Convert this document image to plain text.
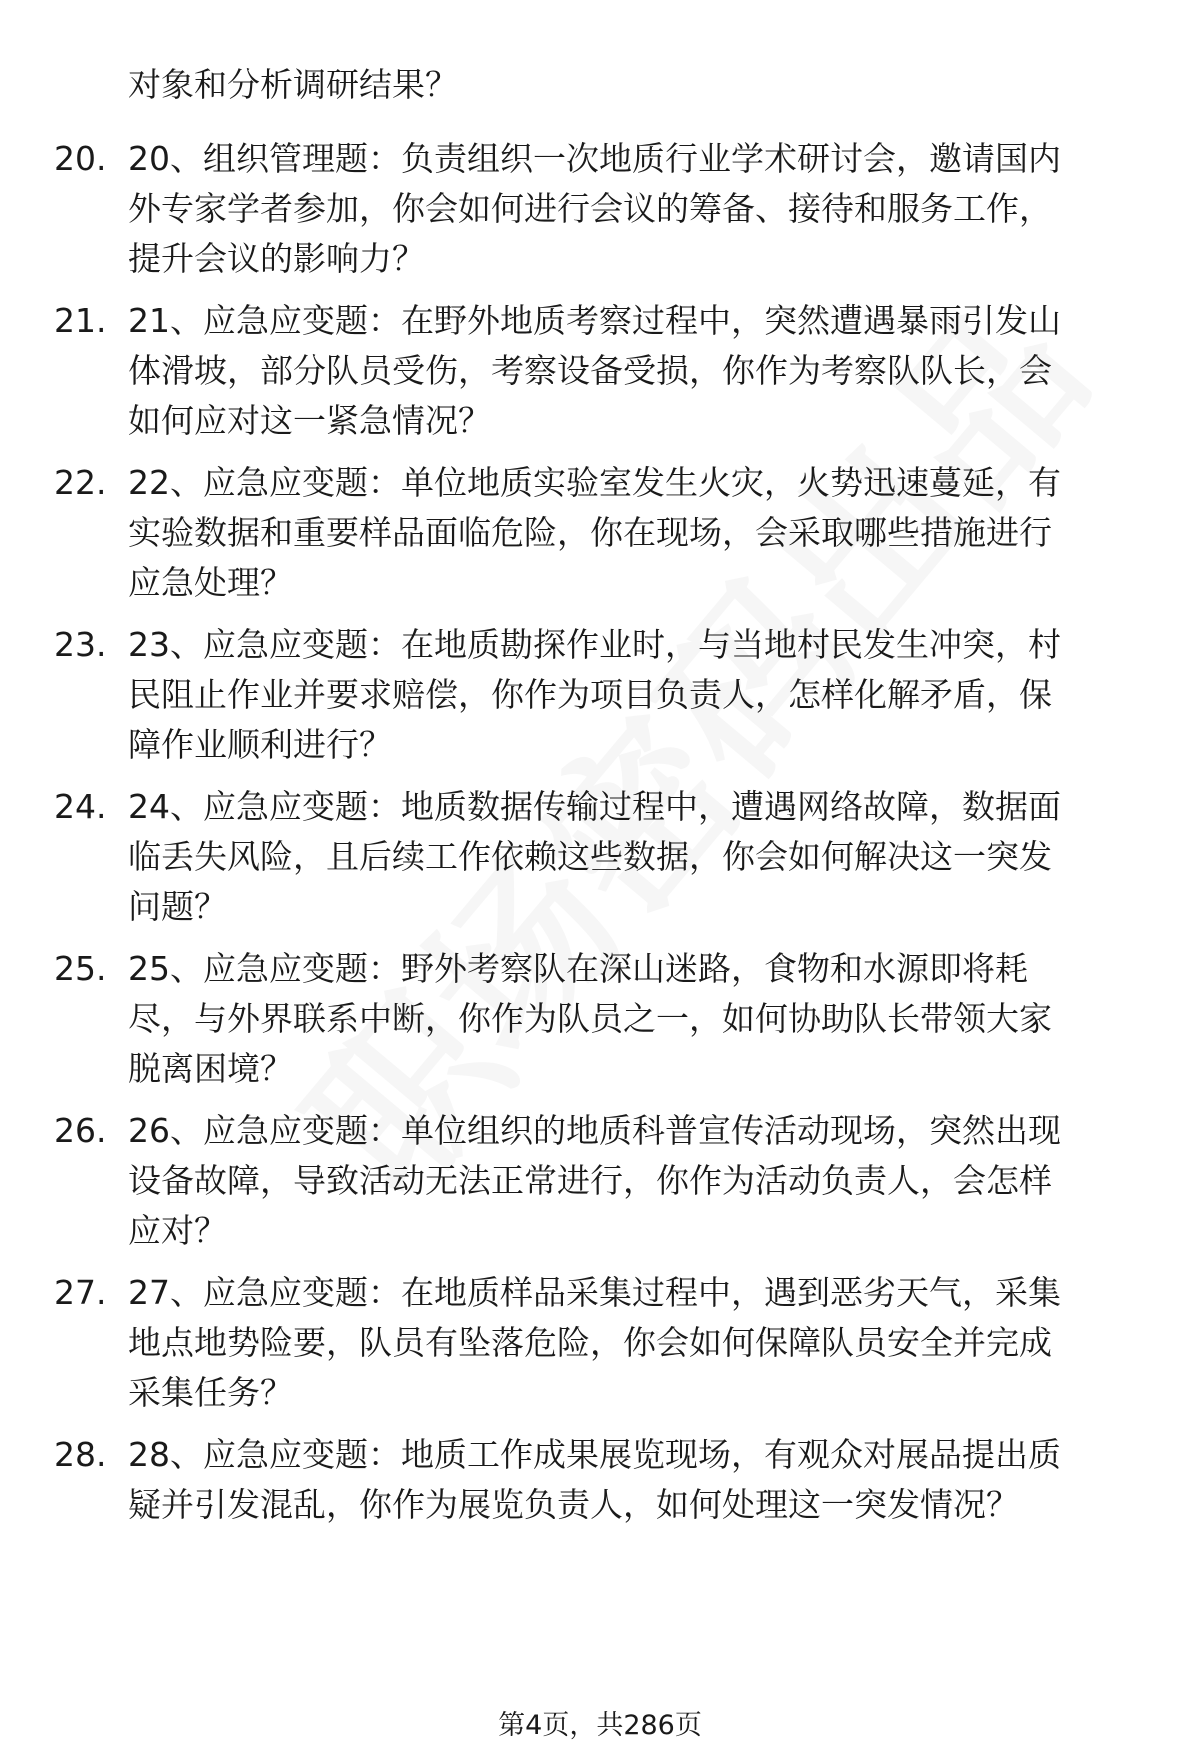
对象和分析调研结果？
20. 20、组织管理题：负责组织一次地质行业学术研讨会，邀请国内
外专家学者参加，你会如何进行会议的筹备、接待和服务工作，
提升会议的影响力？
21. 21、应急应变题：在野外地质考察过程中，突然遭遇暴雨引发山
体滑坡，部分队员受伤，考察设备受损，你作为考察队队长，会
如何应对这一紧急情况？
22. 22、应急应变题：单位地质实验室发生火灾，火势迅速蔓延，有
实验数据和重要样品面临危险，你在现场，会采取哪些措施进行
应急处理？
23. 23、应急应变题：在地质勘探作业时，与当地村民发生冲突，村
民阻止作业并要求赔偿，你作为项目负责人，怎样化解矛盾，保
障作业顺利进行？
24. 24、应急应变题：地质数据传输过程中，遭遇网络故障，数据面
临丢失风险，且后续工作依赖这些数据，你会如何解决这一突发
问题？
25. 25、应急应变题：野外考察队在深山迷路，食物和水源即将耗
尽，与外界联系中断，你作为队员之一，如何协助队长带领大家
脱离困境？
26. 26、应急应变题：单位组织的地质科普宣传活动现场，突然出现
设备故障，导致活动无法正常进行，你作为活动负责人，会怎样
应对？
27. 27、应急应变题：在地质样品采集过程中，遇到恶劣天气，采集
地点地势险要，队员有坠落危险，你会如何保障队员安全并完成
采集任务？
28. 28、应急应变题：地质工作成果展览现场，有观众对展品提出质
疑并引发混乱，你作为展览负责人，如何处理这一突发情况？
第4页，共286页
